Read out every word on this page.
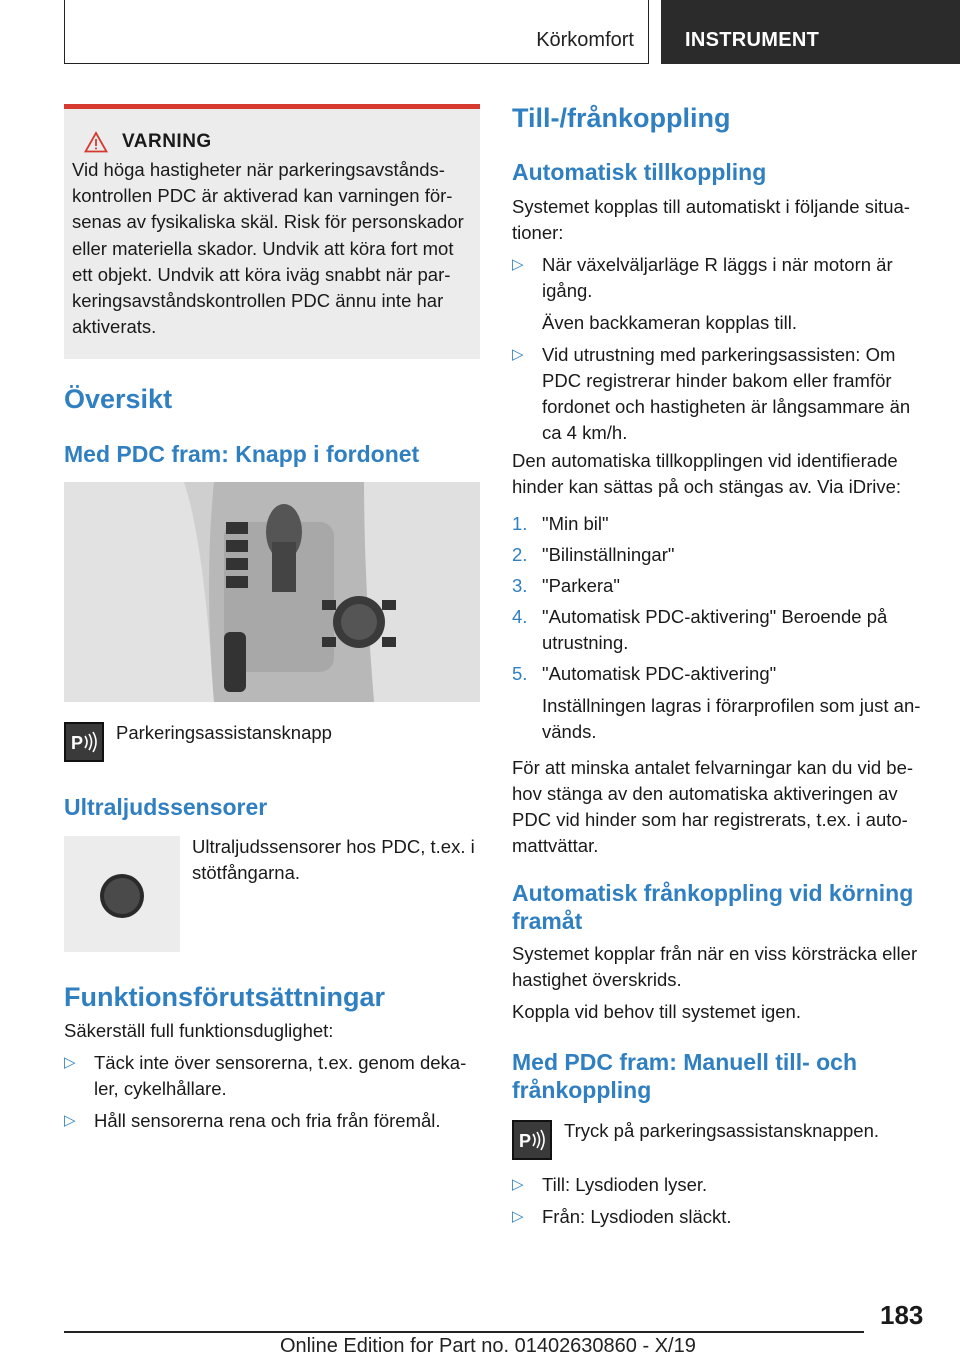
Körkomfort	INSTRUMENT
VARNING

Vid höga hastigheter när parkeringsavstånds-kontrollen PDC är aktiverad kan varningen för-senas av fysikaliska skäl. Risk för personskador eller materiella skador. Undvik att köra fort mot ett objekt. Undvik att köra iväg snabbt när par-keringsavståndskontrollen PDC ännu inte har aktiverats.

Översikt
Med PDC fram: Knapp i fordonet
P Parkeringsassistansknapp

Ultraljudssensorer

Ultraljudssensorer hos PDC, t.ex. i stötfångarna.

Funktionsförutsättningar

Säkerställ full funktionsduglighet:

▷ Täck inte över sensorerna, t.ex. genom deka-ler, cykelhållare.
▷ Håll sensorerna rena och fria från föremål.
Till-/frånkoppling
Automatisk tillkoppling

Systemet kopplas till automatiskt i följande situa-tioner:

▷ När växelväljarläge R läggs i när motorn är igång.
Även backkameran kopplas till.
▷ Vid utrustning med parkeringsassisten: Om PDC registrerar hinder bakom eller framför fordonet och hastigheten är långsammare än ca 4 km/h.

Den automatiska tillkopplingen vid identifierade hinder kan sättas på och stängas av. Via iDrive:

1. "Min bil"
2. "Bilinställningar"
3. "Parkera"
4. "Automatisk PDC-aktivering" Beroende på utrustning.
5. "Automatisk PDC-aktivering"
Inställningen lagras i förarprofilen som just an-vänds.

För att minska antalet felvarningar kan du vid be-hov stänga av den automatiska aktiveringen av PDC vid hinder som har registrerats, t.ex. i auto-mattvättar.

Automatisk frånkoppling vid körning framåt

Systemet kopplar från när en viss körsträcka eller hastighet överskrids.

Koppla vid behov till systemet igen.

Med PDC fram: Manuell till- och frånkoppling
P Tryck på parkeringsassistansknappen.

▷ Till: Lysdioden lyser.
▷ Från: Lysdioden släckt.
183
Online Edition for Part no. 01402630860 - X/19
